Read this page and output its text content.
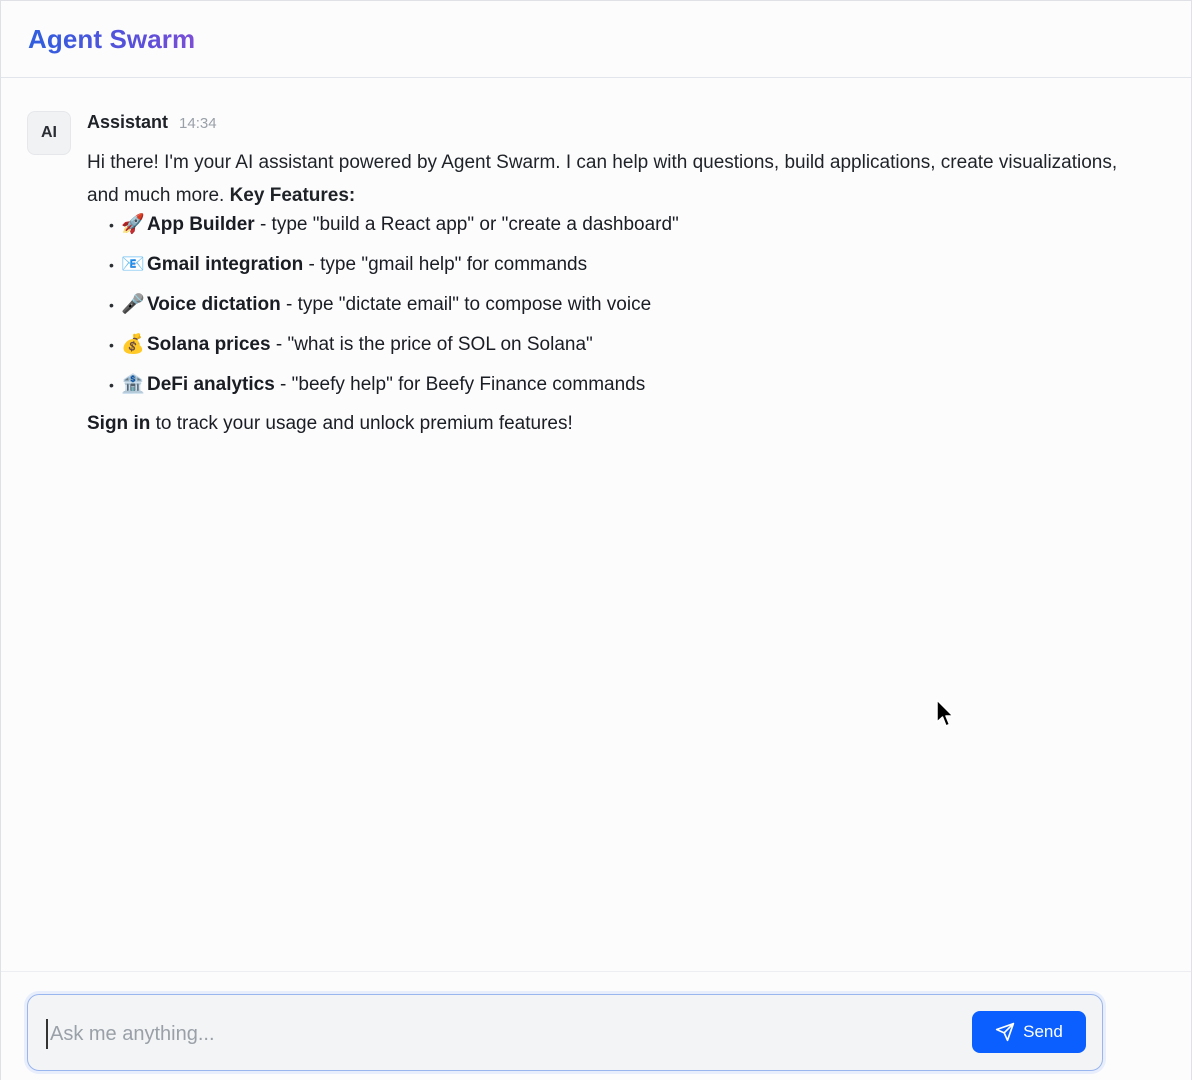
Agent Swarm
AI
Assistant 14:34
Hi there! I'm your AI assistant powered by Agent Swarm. I can help with questions, build applications, create visualizations, and much more. Key Features:
• 🚀 App Builder - type "build a React app" or "create a dashboard"
• 📧 Gmail integration - type "gmail help" for commands
• 🎤 Voice dictation - type "dictate email" to compose with voice
• 💰 Solana prices - "what is the price of SOL on Solana"
• 🏦 DeFi analytics - "beefy help" for Beefy Finance commands
Sign in to track your usage and unlock premium features!
Ask me anything...
Send
